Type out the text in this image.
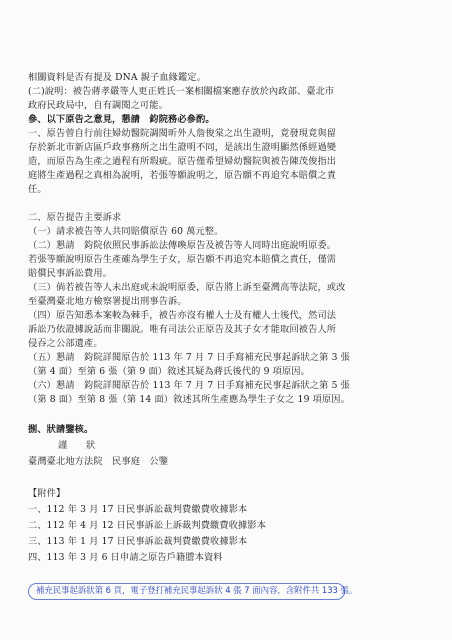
相關資料是否有提及 DNA 親子血緣鑑定。
(二)說明：被告蔣孝嚴等人更正姓氏一案相關檔案應存放於內政部、臺北市
政府民政局中，自有調閱之可能。
參、以下原告之意見，懇請　鈞院務必參酌。
一、原告曾自行前往婦幼醫院調閱昕外人詹俊棠之出生證明，竟發現竟與留
存於新北市新店區戶政事務所之出生證明不同，是該出生證明顯然係經過變
造，而原告為生產之過程有所瑕疵。原告僅希望婦幼醫院與被告陳茂俊指出
庭將生產過程之真相為說明，若張等願說明之，原告願不再追究本賠償之責
任。
二、原告提告主要訴求
（一）請求被告等人共同賠償原告 60 萬元整。
（二）懇請　鈞院依照民事訴訟法傳喚原告及被告等人同時出庭說明原委。
若張等願說明原告生產確為學生子女，原告願不再追究本賠償之責任，僅需
賠償民事訴訟費用。
（三）倘若被告等人未出庭或未說明原委，原告將上訴至臺灣高等法院，或改
至臺灣臺北地方檢察署提出刑事告訴。
（四）原告知悉本案較為棘手，被告亦沒有權人士及有權人士後代，然司法
訴訟乃依證據說話而非關說。唯有司法公正原告及其子女才能取回被告人所
侵吞之公部遺產。
（五）懇請　鈞院詳閱原告於 113 年 7 月 7 日手寫補充民事起訴狀之第 3 張
（第 4 面）至第 6 張（第 9 面）敘述其疑為蔣氏後代的 9 項原因。
（六）懇請　鈞院詳閱原告於 113 年 7 月 7 日手寫補充民事起訴狀之第 5 張
（第 8 面）至第 8 張（第 14 面）敘述其所生產應為學生子女之 19 項原因。
捌、狀請鑒核。
謹　　狀
臺灣臺北地方法院　民事庭　公鑒
【附件】
一、112 年 3 月 17 日民事訴訟裁判費繳費收據影本
二、112 年 4 月 12 日民事訴訟上訴裁判費繳費收據影本
三、113 年 1 月 17 日民事訴訟裁判費繳費收據影本
四、113 年 3 月 6 日申請之原告戶籍謄本資料
補充民事起訴狀第 6 頁，電子登打補充民事起訴狀 4 張 7 面內容，含附件共 133 張。
